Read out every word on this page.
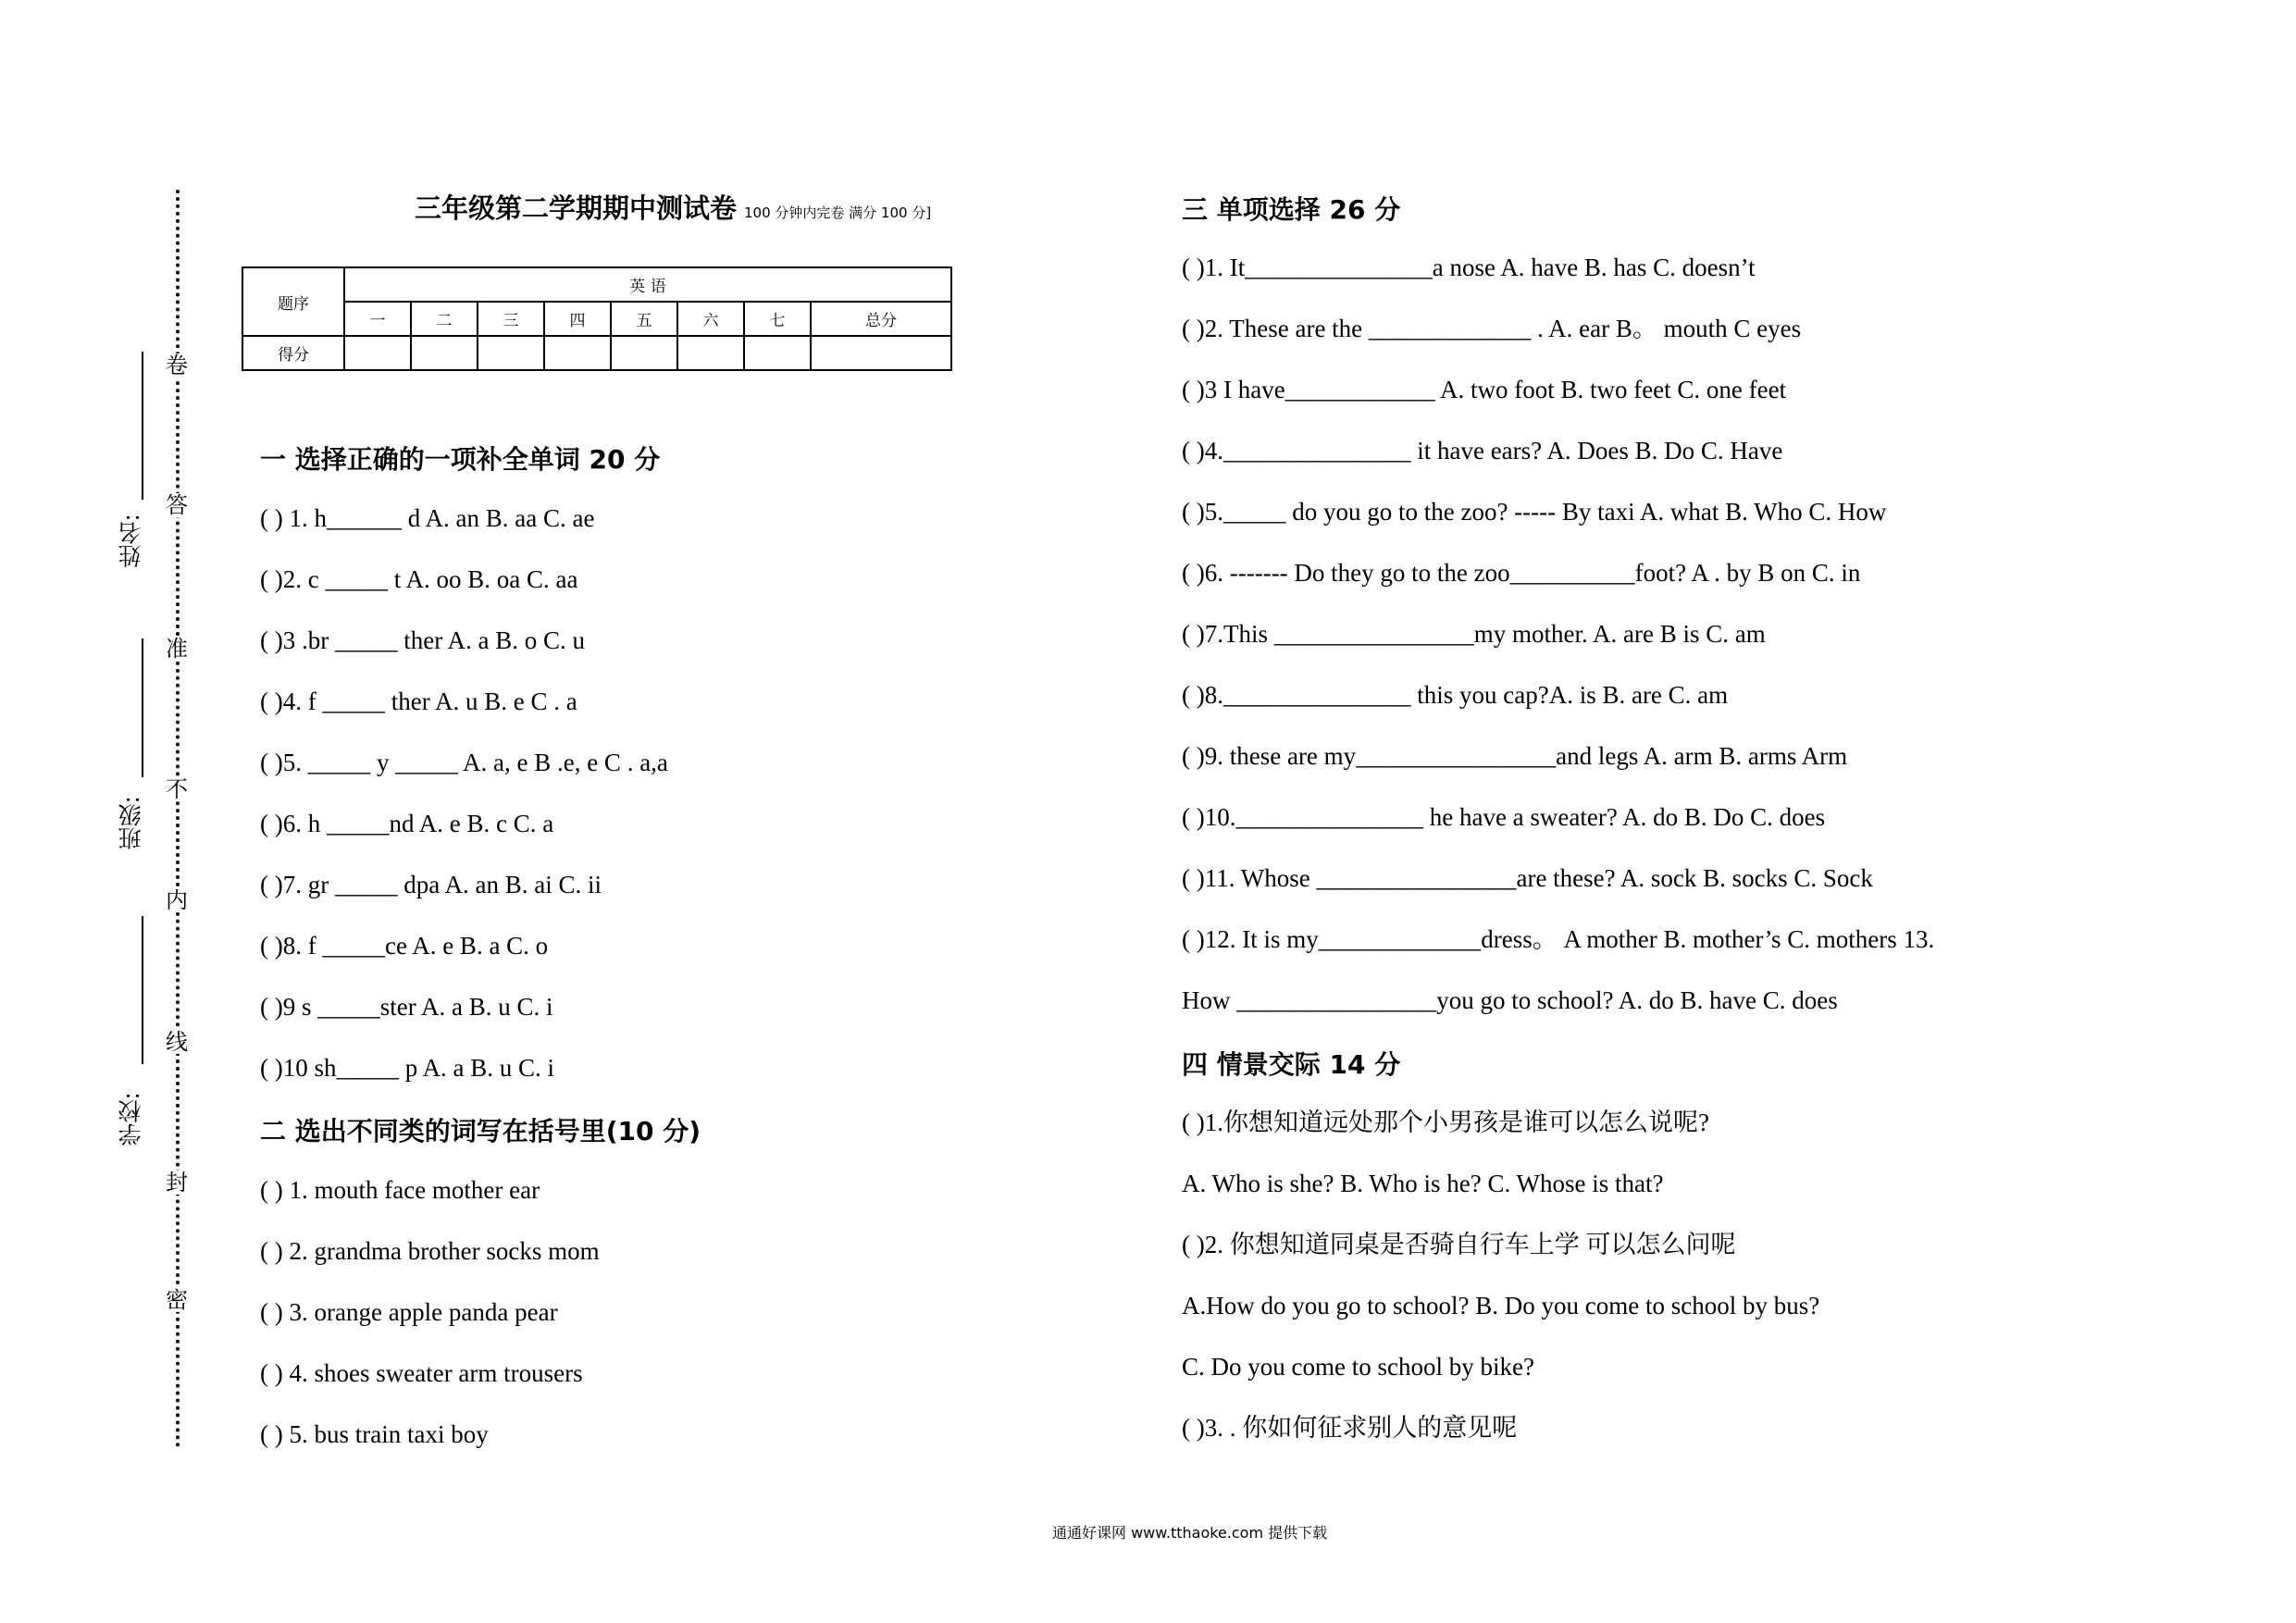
学校:
班级:
姓名:
密
封
线
内
不
准
答
卷
三年级第二学期期中测试卷 100 分钟内完卷 满分 100 分]
题序	英 语							
	一	二	三	四	五	六	七	总分
得分								
一 选择正确的一项补全单词 20 分
( ) 1. h______ d A. an B. aa C. ae
( )2. c _____ t A. oo B. oa C. aa
( )3 .br _____ ther A. a B. o C. u
( )4. f _____ ther A. u B. e C . a
( )5. _____ y _____ A. a, e B .e, e C . a,a
( )6. h _____nd A. e B. c C. a
( )7. gr _____ dpa A. an B. ai C. ii
( )8. f _____ce A. e B. a C. o
( )9 s _____ster A. a B. u C. i
( )10 sh_____ p A. a B. u C. i
二 选出不同类的词写在括号里(10 分)
( ) 1. mouth face mother ear
( ) 2. grandma brother socks mom
( ) 3. orange apple panda pear
( ) 4. shoes sweater arm trousers
( ) 5. bus train taxi boy
三 单项选择 26 分
( )1. It_______________a nose A. have B. has C. doesn’t
( )2. These are the _____________ . A. ear B。 mouth C eyes
( )3 I have____________ A. two foot B. two feet C. one feet
( )4._______________ it have ears? A. Does B. Do C. Have
( )5._____ do you go to the zoo? ----- By taxi A. what B. Who C. How
( )6. ------- Do they go to the zoo__________foot? A . by B on C. in
( )7.This ________________my mother. A. are B is C. am
( )8._______________ this you cap?A. is B. are C. am
( )9. these are my________________and legs A. arm B. arms Arm
( )10._______________ he have a sweater? A. do B. Do C. does
( )11. Whose ________________are these? A. sock B. socks C. Sock
( )12. It is my_____________dress。 A mother B. mother’s C. mothers 13.
How ________________you go to school? A. do B. have C. does
四 情景交际 14 分
( )1.你想知道远处那个小男孩是谁可以怎么说呢?
A. Who is she? B. Who is he? C. Whose is that?
( )2. 你想知道同桌是否骑自行车上学 可以怎么问呢
A.How do you go to school? B. Do you come to school by bus?
C. Do you come to school by bike?
( )3. . 你如何征求别人的意见呢
通通好课网 www.tthaoke.com 提供下载
